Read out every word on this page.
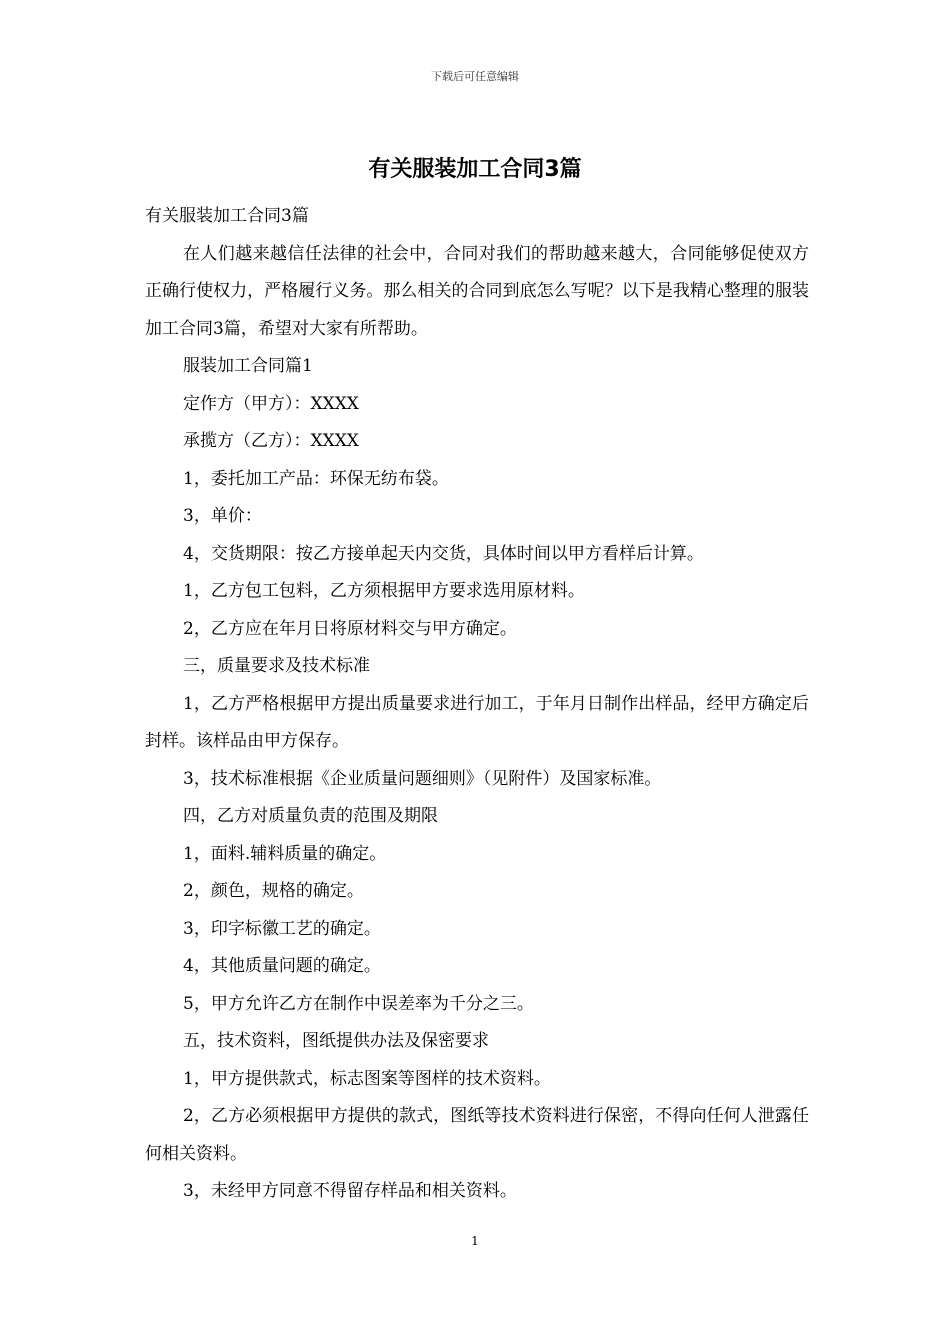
下载后可任意编辑
有关服装加工合同3篇

有关服装加工合同3篇

在人们越来越信任法律的社会中，合同对我们的帮助越来越大，合同能够促使双方正确行使权力，严格履行义务。那么相关的合同到底怎么写呢？以下是我精心整理的服装加工合同3篇，希望对大家有所帮助。

服装加工合同篇1

定作方（甲方）：XXXX

承揽方（乙方）：XXXX

1，委托加工产品：环保无纺布袋。

3，单价：

4，交货期限：按乙方接单起天内交货，具体时间以甲方看样后计算。

1，乙方包工包料，乙方须根据甲方要求选用原材料。

2，乙方应在年月日将原材料交与甲方确定。

三，质量要求及技术标准

1，乙方严格根据甲方提出质量要求进行加工，于年月日制作出样品，经甲方确定后封样。该样品由甲方保存。

3，技术标准根据《企业质量问题细则》（见附件）及国家标准。

四，乙方对质量负责的范围及期限

1，面料.辅料质量的确定。

2，颜色，规格的确定。

3，印字标徽工艺的确定。

4，其他质量问题的确定。

5，甲方允许乙方在制作中误差率为千分之三。

五，技术资料，图纸提供办法及保密要求

1，甲方提供款式，标志图案等图样的技术资料。

2，乙方必须根据甲方提供的款式，图纸等技术资料进行保密，不得向任何人泄露任何相关资料。

3，未经甲方同意不得留存样品和相关资料。

1
